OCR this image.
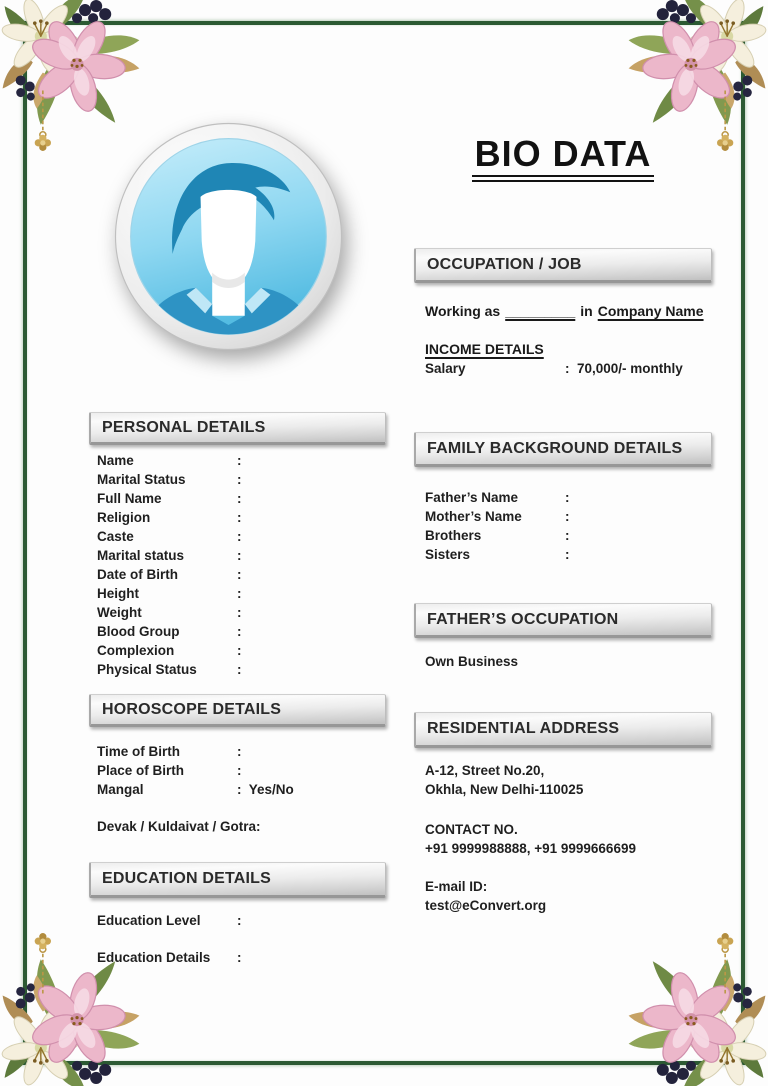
BIO DATA
OCCUPATION / JOB
PERSONAL DETAILS
FAMILY BACKGROUND DETAILS
FATHER’S OCCUPATION
HOROSCOPE DETAILS
RESIDENTIAL ADDRESS
EDUCATION DETAILS
Working as _________ in Company Name
INCOME DETAILS
Salary	:  70,000/- monthly
Name	:
Marital Status	:
Full Name	:
Religion	:
Caste	:
Marital status	:
Date of Birth	:
Height	:
Weight	:
Blood Group	:
Complexion	:
Physical Status	:
Father’s Name	:
Mother’s Name	:
Brothers	:
Sisters	:
Own Business
Time of Birth	:
Place of Birth	:
Mangal	:  Yes/No
Devak / Kuldaivat / Gotra:
A-12, Street No.20,
Okhla, New Delhi-110025
CONTACT NO.
+91 9999988888, +91 9999666699
E-mail ID:
test@eConvert.org
Education Level	:
Education Details	:
